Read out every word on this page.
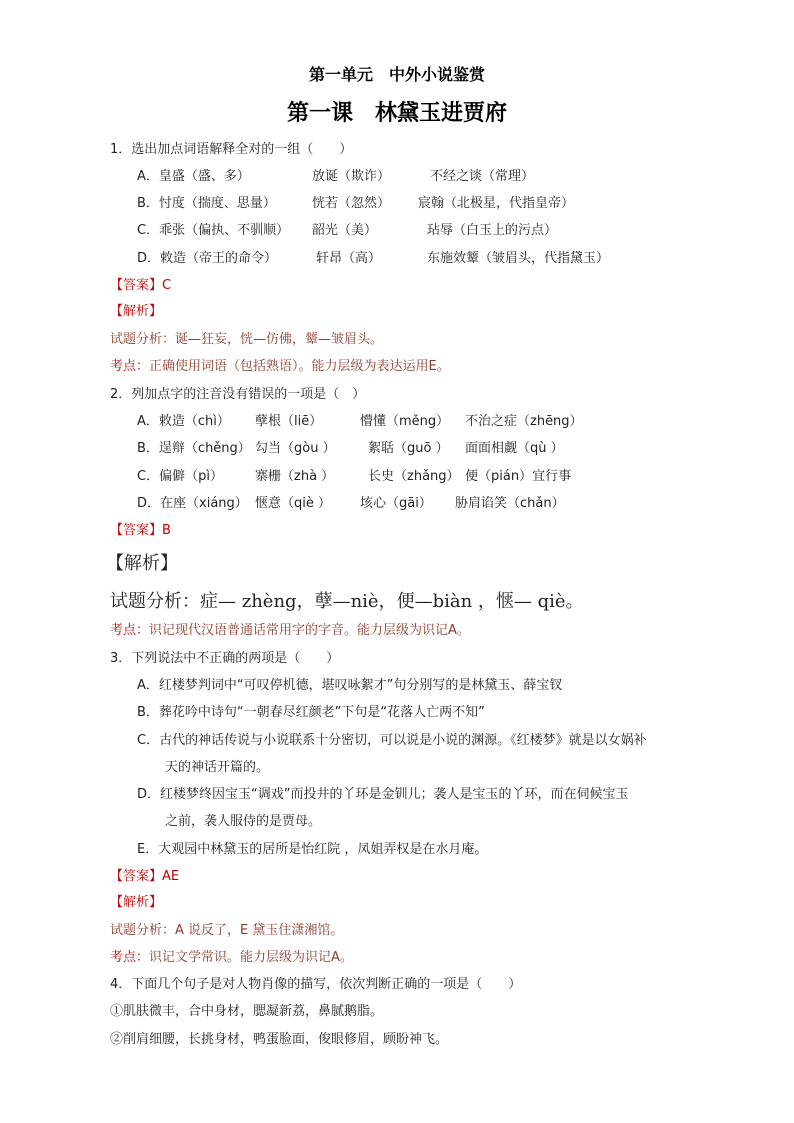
第一单元　中外小说鉴赏
第一课　林黛玉进贾府
1．选出加点词语解释全对的一组（　　）
A．皇盛（盛、多）	放诞（欺诈）	不经之谈（常理）
B．忖度（揣度、思量）	恍若（忽然） 宸翰（北极星，代指皇帝）
C．乖张（偏执、不驯顺） 韶光（美）	玷辱（白玉上的污点）
D．敕造（帝王的命令）	轩昂（高）	东施效颦（皱眉头，代指黛玉）
【答案】C
【解析】
试题分析：诞—狂妄，恍—仿佛，颦—皱眉头。
考点：正确使用词语（包括熟语）。能力层级为表达运用E。
2．列加点字的注音没有错误的一项是（　）
A．敕造（chì） 孽根（liē）	懵懂（měng） 不治之症（zhēng）
B．逞辩（chěng） 勾当（gòu ） 絮聒（guō ） 面面相觑（qù ）
C．偏僻（pì） 寨栅（zhà ）	长史（zhǎng） 便（pián）宜行事
D．在座（xiáng） 惬意（qiè ） 垓心（gāi） 胁肩谄笑（chǎn）
【答案】B
【解析】
试题分析：症— zhèng，孽—niè，便—biàn ，惬— qiè。
考点：识记现代汉语普通话常用字的字音。能力层级为识记A。
3．下列说法中不正确的两项是（　　）
A．红楼梦判词中“可叹停机德，堪叹咏絮才”句分别写的是林黛玉、薛宝钗
B．葬花吟中诗句“一朝春尽红颜老”下句是“花落人亡两不知”
C．古代的神话传说与小说联系十分密切，可以说是小说的渊源。《红楼梦》就是以女娲补
天的神话开篇的。
D．红楼梦终因宝玉“调戏”而投井的丫环是金钏儿；袭人是宝玉的丫环，而在伺候宝玉
之前，袭人服侍的是贾母。
E．大观园中林黛玉的居所是怡红院 ，凤姐弄权是在水月庵。
【答案】AE
【解析】
试题分析：A 说反了，E 黛玉住潇湘馆。
考点：识记文学常识。能力层级为识记A。
4．下面几个句子是对人物肖像的描写，依次判断正确的一项是（　　）
①肌肤微丰，合中身材，腮凝新荔，鼻腻鹅脂。
②削肩细腰，长挑身材，鸭蛋脸面，俊眼修眉，顾盼神飞。
